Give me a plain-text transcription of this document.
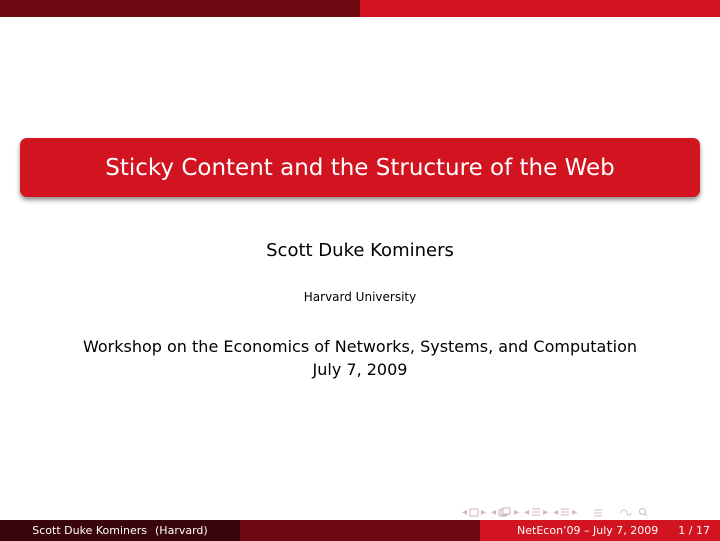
Sticky Content and the Structure of the Web
Scott Duke Kominers
Harvard University
Workshop on the Economics of Networks, Systems, and Computation
July 7, 2009
◂ ▸ ◂ ▸ ◂ ▸ ◂ ▸
Scott Duke Kominers (Harvard)	NetEcon’09 – July 7, 2009 1 / 17
